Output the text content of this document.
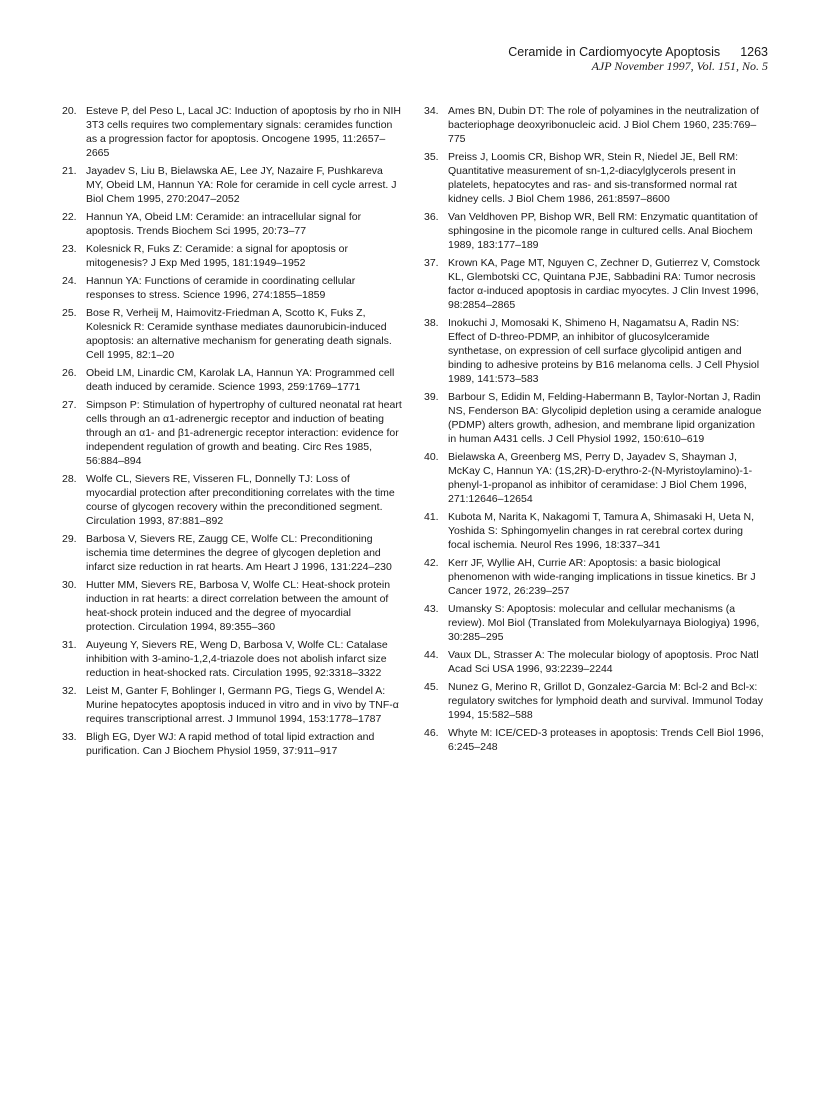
Ceramide in Cardiomyocyte Apoptosis 1263
AJP November 1997, Vol. 151, No. 5
20. Esteve P, del Peso L, Lacal JC: Induction of apoptosis by rho in NIH 3T3 cells requires two complementary signals: ceramides function as a progression factor for apoptosis. Oncogene 1995, 11:2657–2665
21. Jayadev S, Liu B, Bielawska AE, Lee JY, Nazaire F, Pushkareva MY, Obeid LM, Hannun YA: Role for ceramide in cell cycle arrest. J Biol Chem 1995, 270:2047–2052
22. Hannun YA, Obeid LM: Ceramide: an intracellular signal for apoptosis. Trends Biochem Sci 1995, 20:73–77
23. Kolesnick R, Fuks Z: Ceramide: a signal for apoptosis or mitogenesis? J Exp Med 1995, 181:1949–1952
24. Hannun YA: Functions of ceramide in coordinating cellular responses to stress. Science 1996, 274:1855–1859
25. Bose R, Verheij M, Haimovitz-Friedman A, Scotto K, Fuks Z, Kolesnick R: Ceramide synthase mediates daunorubicin-induced apoptosis: an alternative mechanism for generating death signals. Cell 1995, 82:1–20
26. Obeid LM, Linardic CM, Karolak LA, Hannun YA: Programmed cell death induced by ceramide. Science 1993, 259:1769–1771
27. Simpson P: Stimulation of hypertrophy of cultured neonatal rat heart cells through an α1-adrenergic receptor and induction of beating through an α1- and β1-adrenergic receptor interaction: evidence for independent regulation of growth and beating. Circ Res 1985, 56:884–894
28. Wolfe CL, Sievers RE, Visseren FL, Donnelly TJ: Loss of myocardial protection after preconditioning correlates with the time course of glycogen recovery within the preconditioned segment. Circulation 1993, 87:881–892
29. Barbosa V, Sievers RE, Zaugg CE, Wolfe CL: Preconditioning ischemia time determines the degree of glycogen depletion and infarct size reduction in rat hearts. Am Heart J 1996, 131:224–230
30. Hutter MM, Sievers RE, Barbosa V, Wolfe CL: Heat-shock protein induction in rat hearts: a direct correlation between the amount of heat-shock protein induced and the degree of myocardial protection. Circulation 1994, 89:355–360
31. Auyeung Y, Sievers RE, Weng D, Barbosa V, Wolfe CL: Catalase inhibition with 3-amino-1,2,4-triazole does not abolish infarct size reduction in heat-shocked rats. Circulation 1995, 92:3318–3322
32. Leist M, Ganter F, Bohlinger I, Germann PG, Tiegs G, Wendel A: Murine hepatocytes apoptosis induced in vitro and in vivo by TNF-α requires transcriptional arrest. J Immunol 1994, 153:1778–1787
33. Bligh EG, Dyer WJ: A rapid method of total lipid extraction and purification. Can J Biochem Physiol 1959, 37:911–917
34. Ames BN, Dubin DT: The role of polyamines in the neutralization of bacteriophage deoxyribonucleic acid. J Biol Chem 1960, 235:769–775
35. Preiss J, Loomis CR, Bishop WR, Stein R, Niedel JE, Bell RM: Quantitative measurement of sn-1,2-diacylglycerols present in platelets, hepatocytes and ras- and sis-transformed normal rat kidney cells. J Biol Chem 1986, 261:8597–8600
36. Van Veldhoven PP, Bishop WR, Bell RM: Enzymatic quantitation of sphingosine in the picomole range in cultured cells. Anal Biochem 1989, 183:177–189
37. Krown KA, Page MT, Nguyen C, Zechner D, Gutierrez V, Comstock KL, Glembotski CC, Quintana PJE, Sabbadini RA: Tumor necrosis factor α-induced apoptosis in cardiac myocytes. J Clin Invest 1996, 98:2854–2865
38. Inokuchi J, Momosaki K, Shimeno H, Nagamatsu A, Radin NS: Effect of D-threo-PDMP, an inhibitor of glucosylceramide synthetase, on expression of cell surface glycolipid antigen and binding to adhesive proteins by B16 melanoma cells. J Cell Physiol 1989, 141:573–583
39. Barbour S, Edidin M, Felding-Habermann B, Taylor-Nortan J, Radin NS, Fenderson BA: Glycolipid depletion using a ceramide analogue (PDMP) alters growth, adhesion, and membrane lipid organization in human A431 cells. J Cell Physiol 1992, 150:610–619
40. Bielawska A, Greenberg MS, Perry D, Jayadev S, Shayman J, McKay C, Hannun YA: (1S,2R)-D-erythro-2-(N-Myristoylamino)-1-phenyl-1-propanol as inhibitor of ceramidase: J Biol Chem 1996, 271:12646–12654
41. Kubota M, Narita K, Nakagomi T, Tamura A, Shimasaki H, Ueta N, Yoshida S: Sphingomyelin changes in rat cerebral cortex during focal ischemia. Neurol Res 1996, 18:337–341
42. Kerr JF, Wyllie AH, Currie AR: Apoptosis: a basic biological phenomenon with wide-ranging implications in tissue kinetics. Br J Cancer 1972, 26:239–257
43. Umansky S: Apoptosis: molecular and cellular mechanisms (a review). Mol Biol (Translated from Molekulyarnaya Biologiya) 1996, 30:285–295
44. Vaux DL, Strasser A: The molecular biology of apoptosis. Proc Natl Acad Sci USA 1996, 93:2239–2244
45. Nunez G, Merino R, Grillot D, Gonzalez-Garcia M: Bcl-2 and Bcl-x: regulatory switches for lymphoid death and survival. Immunol Today 1994, 15:582–588
46. Whyte M: ICE/CED-3 proteases in apoptosis: Trends Cell Biol 1996, 6:245–248
